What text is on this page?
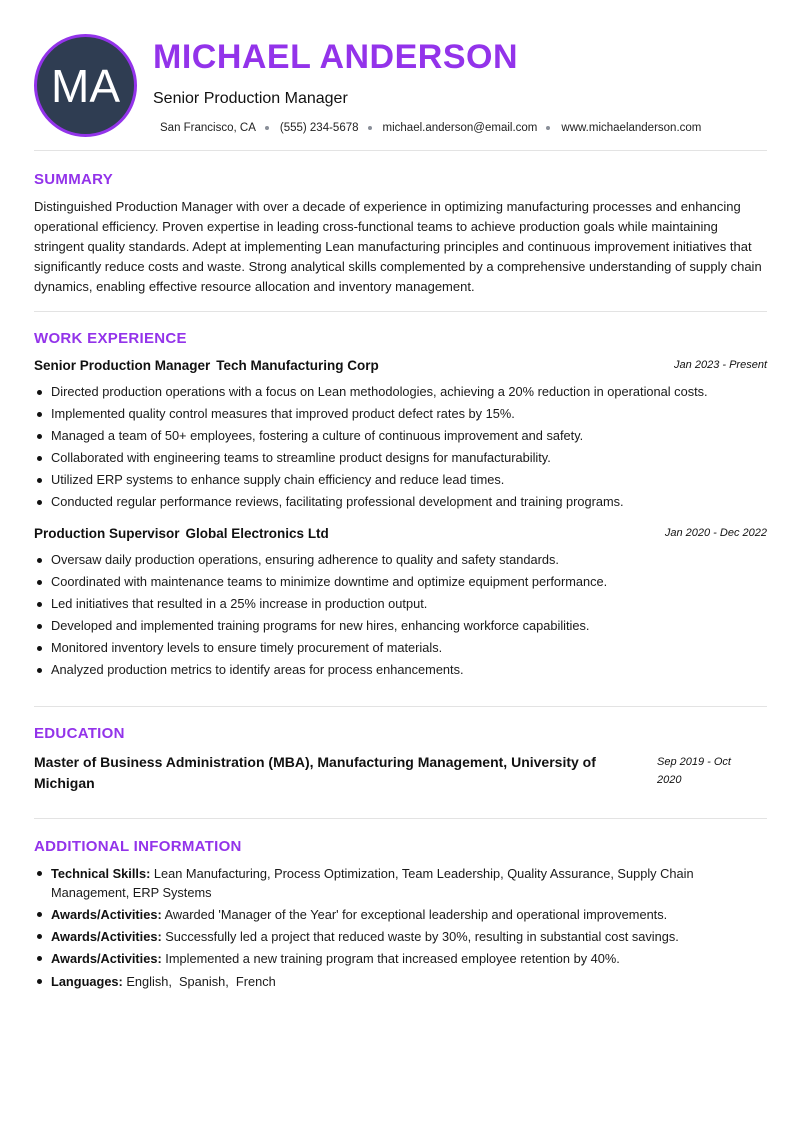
MA
MICHAEL ANDERSON
Senior Production Manager
San Francisco, CA (555) 234-5678 michael.anderson@email.com www.michaelanderson.com
SUMMARY
Distinguished Production Manager with over a decade of experience in optimizing manufacturing processes and enhancing operational efficiency. Proven expertise in leading cross-functional teams to achieve production goals while maintaining stringent quality standards. Adept at implementing Lean manufacturing principles and continuous improvement initiatives that significantly reduce costs and waste. Strong analytical skills complemented by a comprehensive understanding of supply chain dynamics, enabling effective resource allocation and inventory management.
WORK EXPERIENCE
Senior Production Manager Tech Manufacturing Corp	Jan 2023 - Present
Directed production operations with a focus on Lean methodologies, achieving a 20% reduction in operational costs.
Implemented quality control measures that improved product defect rates by 15%.
Managed a team of 50+ employees, fostering a culture of continuous improvement and safety.
Collaborated with engineering teams to streamline product designs for manufacturability.
Utilized ERP systems to enhance supply chain efficiency and reduce lead times.
Conducted regular performance reviews, facilitating professional development and training programs.
Production Supervisor Global Electronics Ltd	Jan 2020 - Dec 2022
Oversaw daily production operations, ensuring adherence to quality and safety standards.
Coordinated with maintenance teams to minimize downtime and optimize equipment performance.
Led initiatives that resulted in a 25% increase in production output.
Developed and implemented training programs for new hires, enhancing workforce capabilities.
Monitored inventory levels to ensure timely procurement of materials.
Analyzed production metrics to identify areas for process enhancements.
EDUCATION
Master of Business Administration (MBA), Manufacturing Management, University of Michigan
Sep 2019 - Oct 2020
ADDITIONAL INFORMATION
Technical Skills: Lean Manufacturing, Process Optimization, Team Leadership, Quality Assurance, Supply Chain Management, ERP Systems
Awards/Activities: Awarded 'Manager of the Year' for exceptional leadership and operational improvements.
Awards/Activities: Successfully led a project that reduced waste by 30%, resulting in substantial cost savings.
Awards/Activities: Implemented a new training program that increased employee retention by 40%.
Languages: English,  Spanish,  French
